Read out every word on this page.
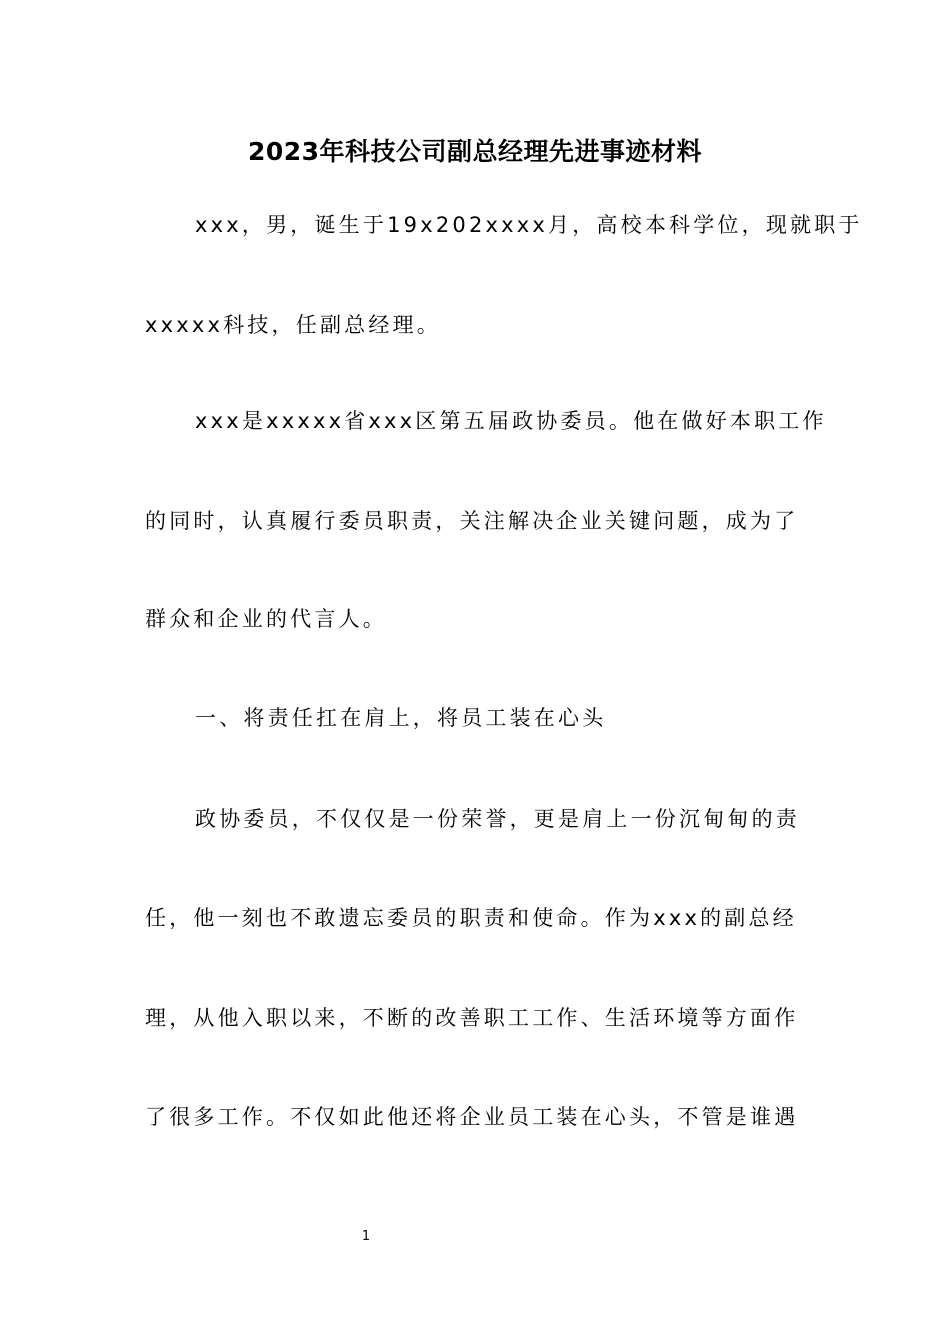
2023年科技公司副总经理先进事迹材料
xxx，男，诞生于19x202xxxx月，高校本科学位，现就职于
xxxxx科技，任副总经理。
xxx是xxxxx省xxx区第五届政协委员。他在做好本职工作
的同时，认真履行委员职责，关注解决企业关键问题，成为了
群众和企业的代言人。
一、将责任扛在肩上，将员工装在心头
政协委员，不仅仅是一份荣誉，更是肩上一份沉甸甸的责
任，他一刻也不敢遗忘委员的职责和使命。作为xxx的副总经
理，从他入职以来，不断的改善职工工作、生活环境等方面作
了很多工作。不仅如此他还将企业员工装在心头，不管是谁遇
1
